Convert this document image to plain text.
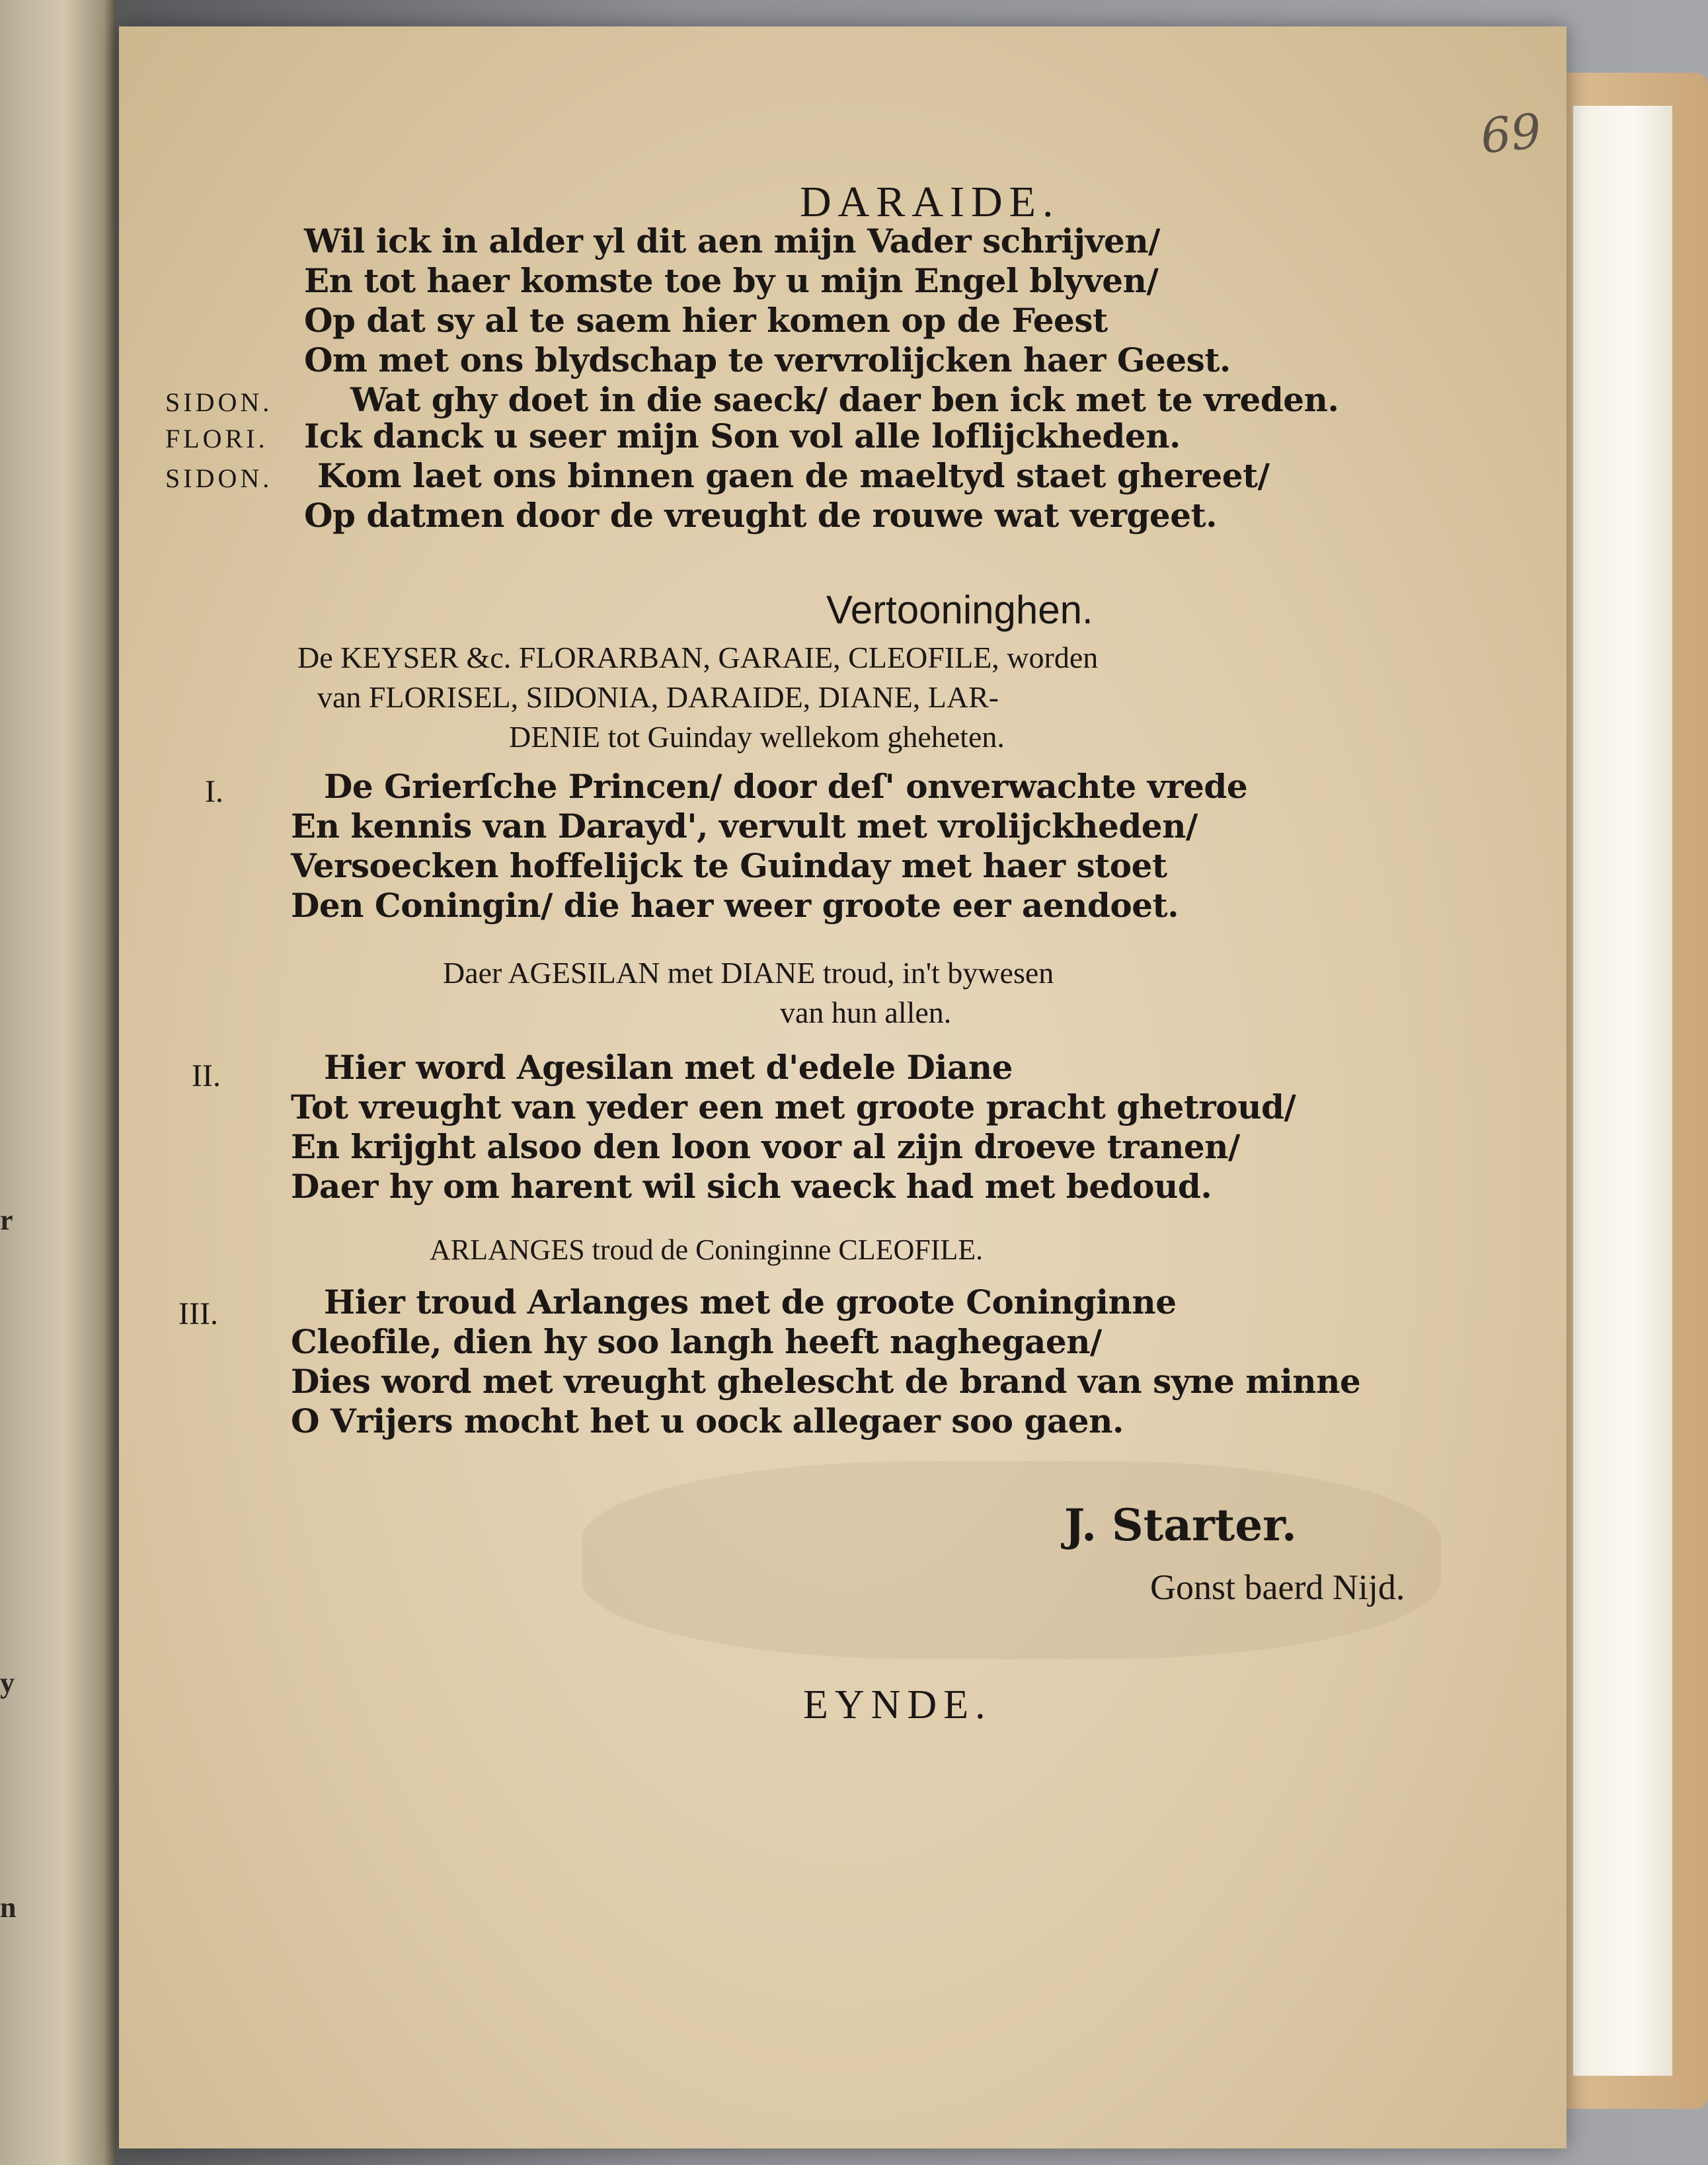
r
y
n
69
DARAIDE.
Wil ick in alder yl dit aen mijn Vader schrijven/
En tot haer komste toe by u mijn Engel blyven/
Op dat sy al te saem hier komen op de Feest
Om met ons blydschap te vervrolijcken haer Geest.
SIDON. Wat ghy doet in die saeck/ daer ben ick met te vreden.
FLORI. Ick danck u seer mijn Son vol alle loflijckheden.
SIDON. Kom laet ons binnen gaen de maeltyd staet ghereet/
Op datmen door de vreught de rouwe wat vergeet.
Vertooninghen.
De KEYSER &c. FLORARBAN, GARAIE, CLEOFILE, worden
van FLORISEL, SIDONIA, DARAIDE, DIANE, LAR-
DENIE tot Guinday wellekom gheheten.
I.	De Grierſche Princen/ door deſ' onverwachte vrede
En kennis van Darayd', vervult met vrolijckheden/
Versoecken hoffelijck te Guinday met haer stoet
Den Coningin/ die haer weer groote eer aendoet.
Daer AGESILAN met DIANE troud, in't bywesen
van hun allen.
II.	Hier word Agesilan met d'edele Diane
Tot vreught van yeder een met groote pracht ghetroud/
En krijght alsoo den loon voor al zijn droeve tranen/
Daer hy om harent wil sich vaeck had met bedoud.
ARLANGES troud de Coninginne CLEOFILE.
III.	Hier troud Arlanges met de groote Coninginne
Cleofile, dien hy soo langh heeft naghegaen/
Dies word met vreught ghelescht de brand van syne minne
O Vrijers mocht het u oock allegaer soo gaen.
J. Starter.
Gonst baerd Nijd.
EYNDE.
